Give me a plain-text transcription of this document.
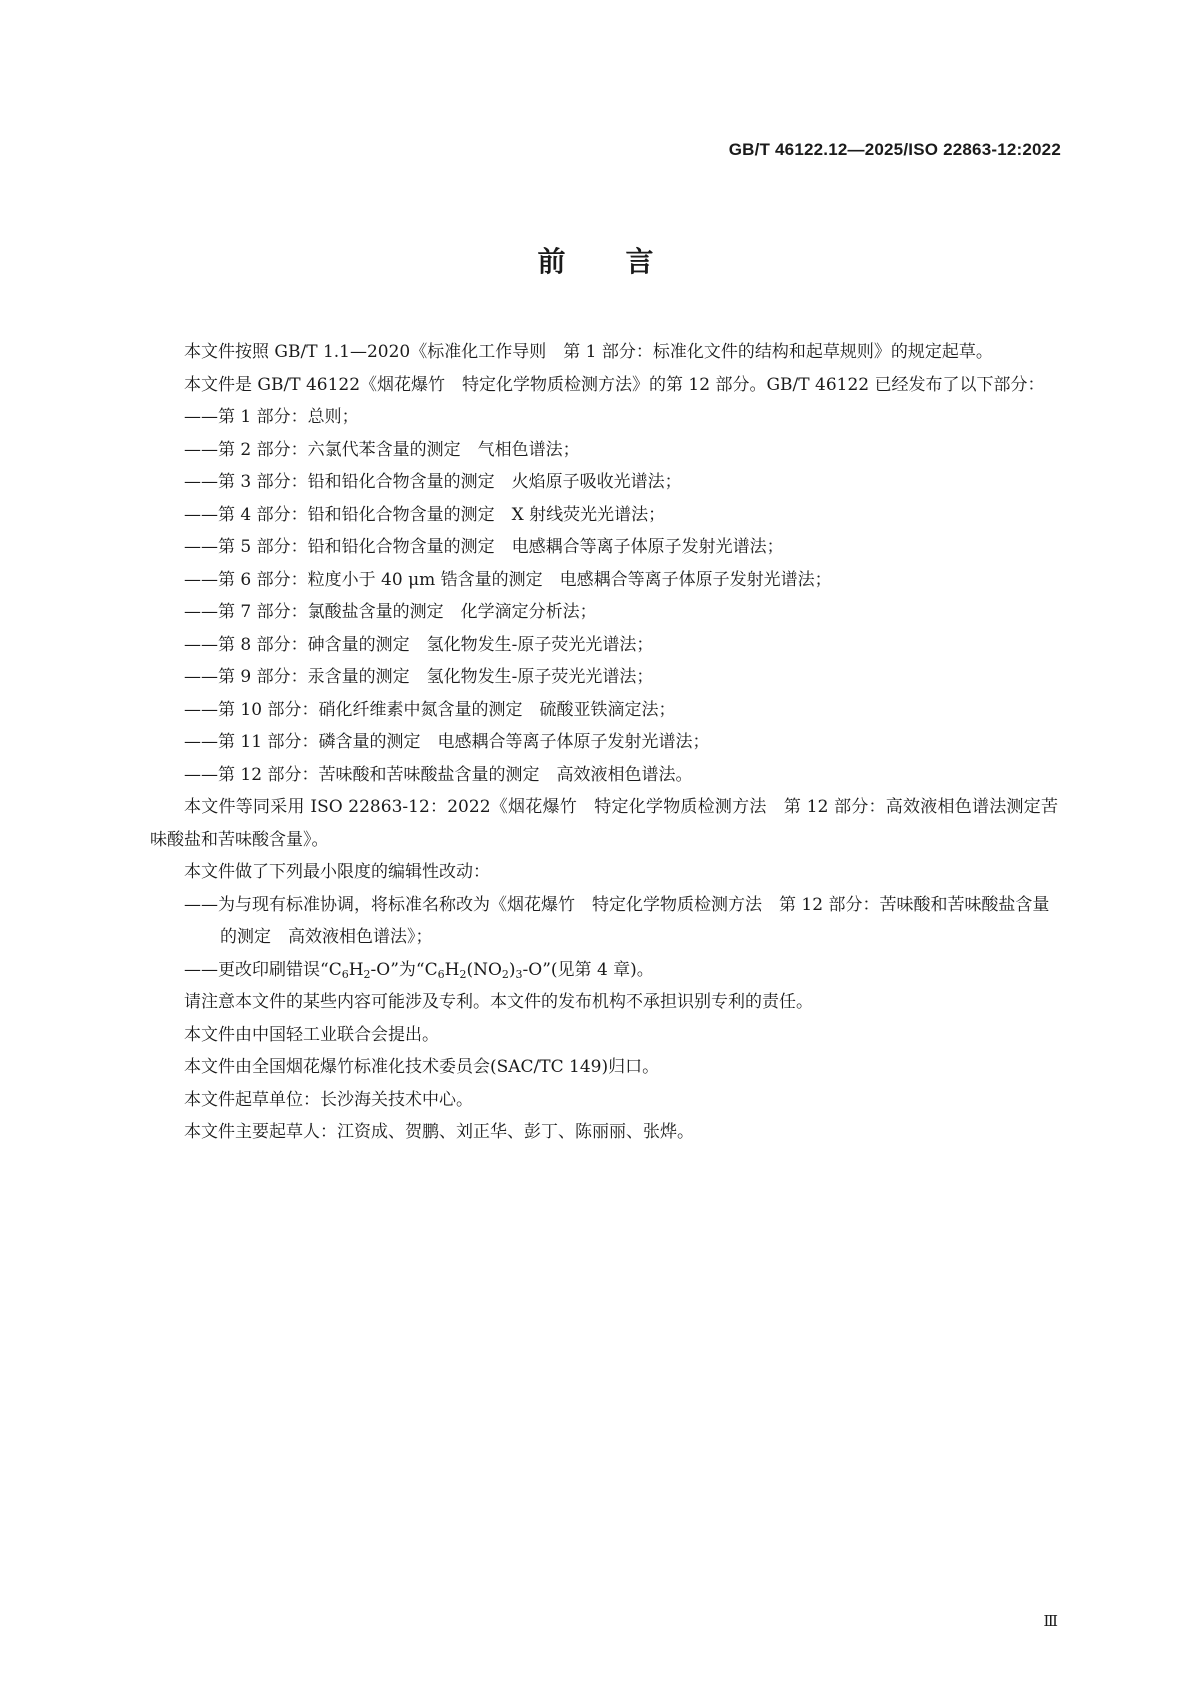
GB/T 46122.12—2025/ISO 22863-12:2022
前言

本文件按照 GB/T 1.1—2020《标准化工作导则　第 1 部分：标准化文件的结构和起草规则》的规定起草。

本文件是 GB/T 46122《烟花爆竹　特定化学物质检测方法》的第 12 部分。GB/T 46122 已经发布了以下部分：

——第 1 部分：总则；

——第 2 部分：六氯代苯含量的测定　气相色谱法；

——第 3 部分：铅和铅化合物含量的测定　火焰原子吸收光谱法；

——第 4 部分：铅和铅化合物含量的测定　X 射线荧光光谱法；

——第 5 部分：铅和铅化合物含量的测定　电感耦合等离子体原子发射光谱法；

——第 6 部分：粒度小于 40 μm 锆含量的测定　电感耦合等离子体原子发射光谱法；

——第 7 部分：氯酸盐含量的测定　化学滴定分析法；

——第 8 部分：砷含量的测定　氢化物发生-原子荧光光谱法；

——第 9 部分：汞含量的测定　氢化物发生-原子荧光光谱法；

——第 10 部分：硝化纤维素中氮含量的测定　硫酸亚铁滴定法；

——第 11 部分：磷含量的测定　电感耦合等离子体原子发射光谱法；

——第 12 部分：苦味酸和苦味酸盐含量的测定　高效液相色谱法。

本文件等同采用 ISO 22863-12：2022《烟花爆竹　特定化学物质检测方法　第 12 部分：高效液相色谱法测定苦味酸盐和苦味酸含量》。

本文件做了下列最小限度的编辑性改动：

——为与现有标准协调，将标准名称改为《烟花爆竹　特定化学物质检测方法　第 12 部分：苦味酸和苦味酸盐含量的测定　高效液相色谱法》；

——更改印刷错误“$C_6H_2-O$”为“$C_6H_2(NO_2)_3-O$”(见第 4 章)。

请注意本文件的某些内容可能涉及专利。本文件的发布机构不承担识别专利的责任。

本文件由中国轻工业联合会提出。

本文件由全国烟花爆竹标准化技术委员会(SAC/TC 149)归口。

本文件起草单位：长沙海关技术中心。

本文件主要起草人：江资成、贺鹏、刘正华、彭丁、陈丽丽、张烨。

Ⅲ
